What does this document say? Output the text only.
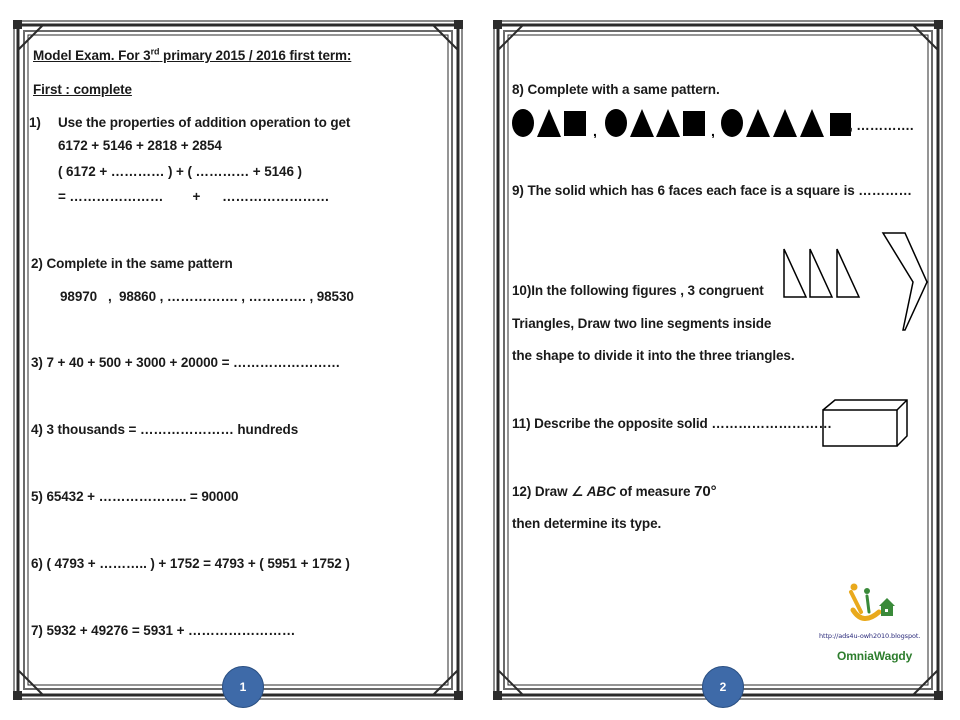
Model Exam. For 3rd primary 2015 / 2016 first term:
First : complete
1) Use the properties of addition operation to get
6172 + 5146 + 2818 + 2854
( 6172 + ………… ) + ( ………… + 5146 )
= …………………        +      ……………………
2) Complete in the same pattern
98970   ,  98860 , ……………. , …………. , 98530
3) 7 + 40 + 500 + 3000 + 20000 = ……………………
4) 3 thousands = ………………… hundreds
5) 65432 + ……………….. = 90000
6) ( 4793 + ……….. ) + 1752 = 4793 + ( 5951 + 1752 )
7) 5932 + 49276 = 5931 + ……………………
1
8) Complete with a same pattern.
,	,	, ………….
9) The solid which has 6 faces each face is a square is …………
10)In the following figures , 3 congruent
Triangles, Draw two line segments inside
the shape to divide it into the three triangles.
11) Describe the opposite solid ………………………
12) Draw ∠ ABC of measure 70°
then determine its type.
http://ads4u-owh2010.blogspot.
OmniaWagdy
2
